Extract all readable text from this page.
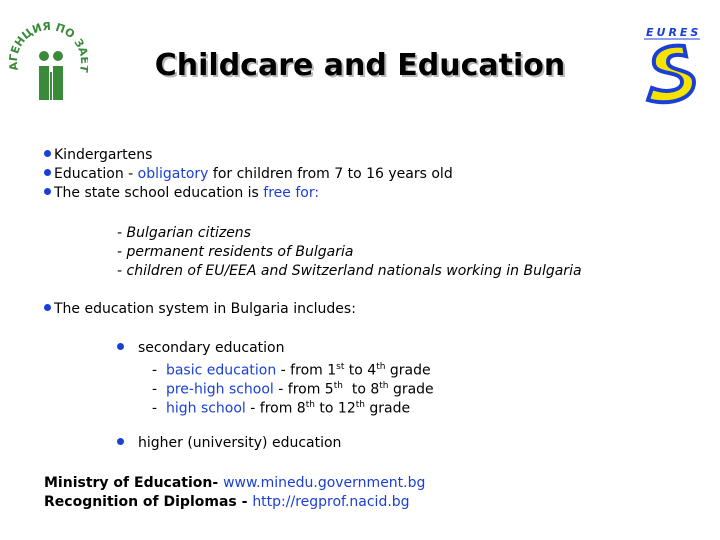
АГЕНЦИЯ ПО З
EURES
Childcare and Education
Kindergartens
Education - obligatory for children from 7 to 16 years old
The state school education is free for:
- Bulgarian citizens
- permanent residents of Bulgaria
- children of EU/EEA and Switzerland nationals working in Bulgaria
The education system in Bulgaria includes:
secondary education
- basic education - from 1st to 4th grade
- pre-high school - from 5th  to 8th grade
- high school - from 8th to 12th grade
higher (university) education
Ministry of Education- www.minedu.government.bg
Recognition of Diplomas - http://regprof.nacid.bg
